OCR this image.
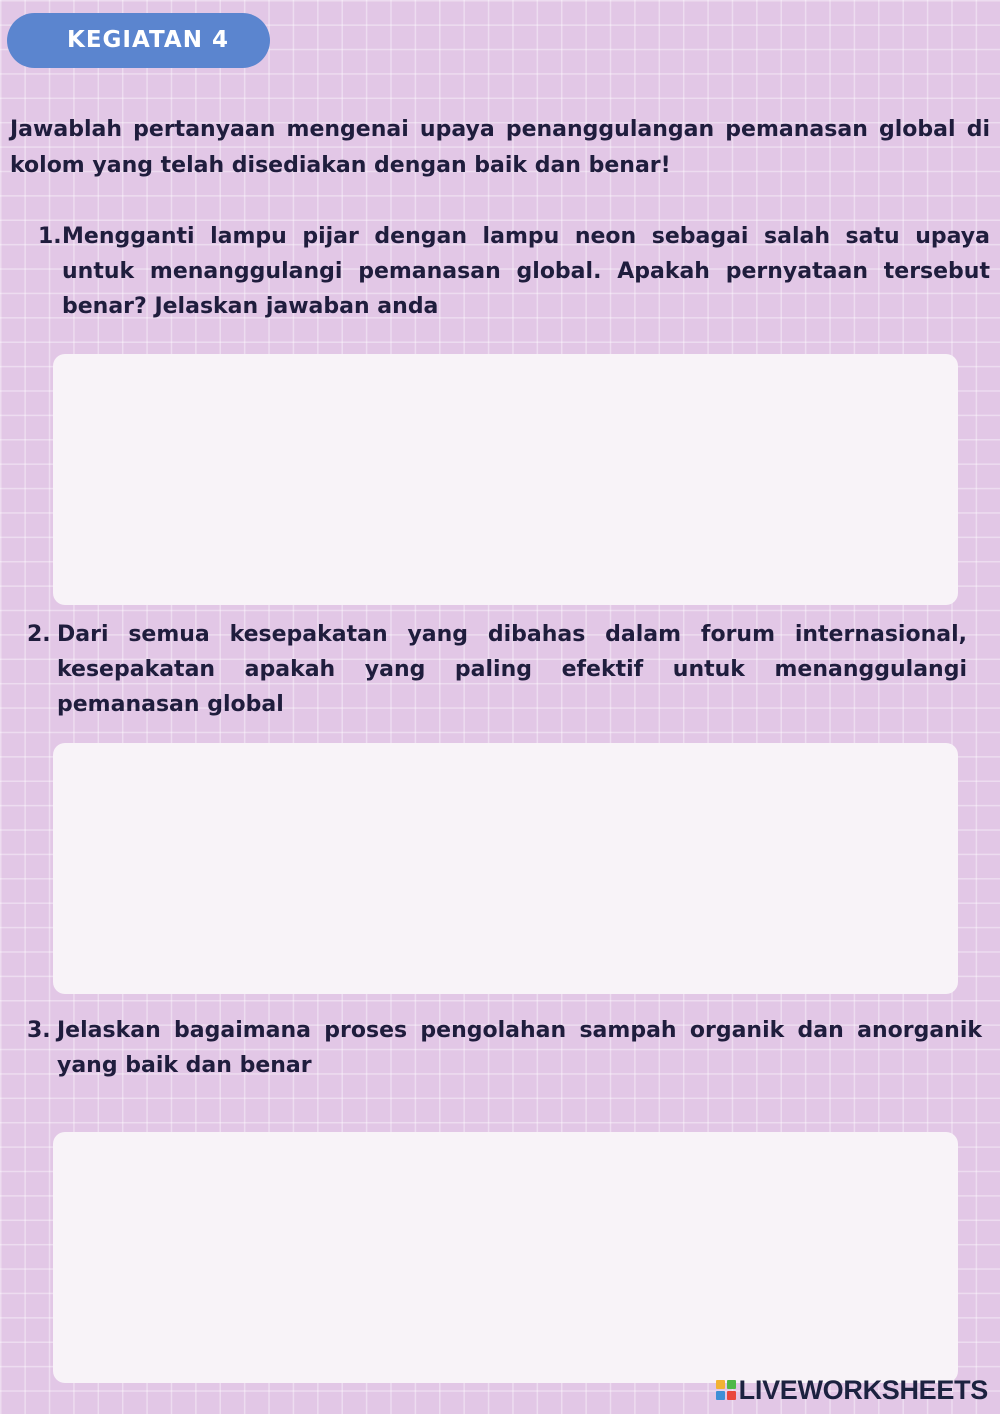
KEGIATAN 4
Jawablah pertanyaan mengenai upaya penanggulangan pemanasan global di kolom yang telah disediakan dengan baik dan benar!
1. Mengganti lampu pijar dengan lampu neon sebagai salah satu upaya untuk menanggulangi pemanasan global. Apakah pernyataan tersebut benar? Jelaskan jawaban anda
2. Dari semua kesepakatan yang dibahas dalam forum internasional, kesepakatan apakah yang paling efektif untuk menanggulangi pemanasan global
3. Jelaskan bagaimana proses pengolahan sampah organik dan anorganik yang baik dan benar
LIVEWORKSHEETS
